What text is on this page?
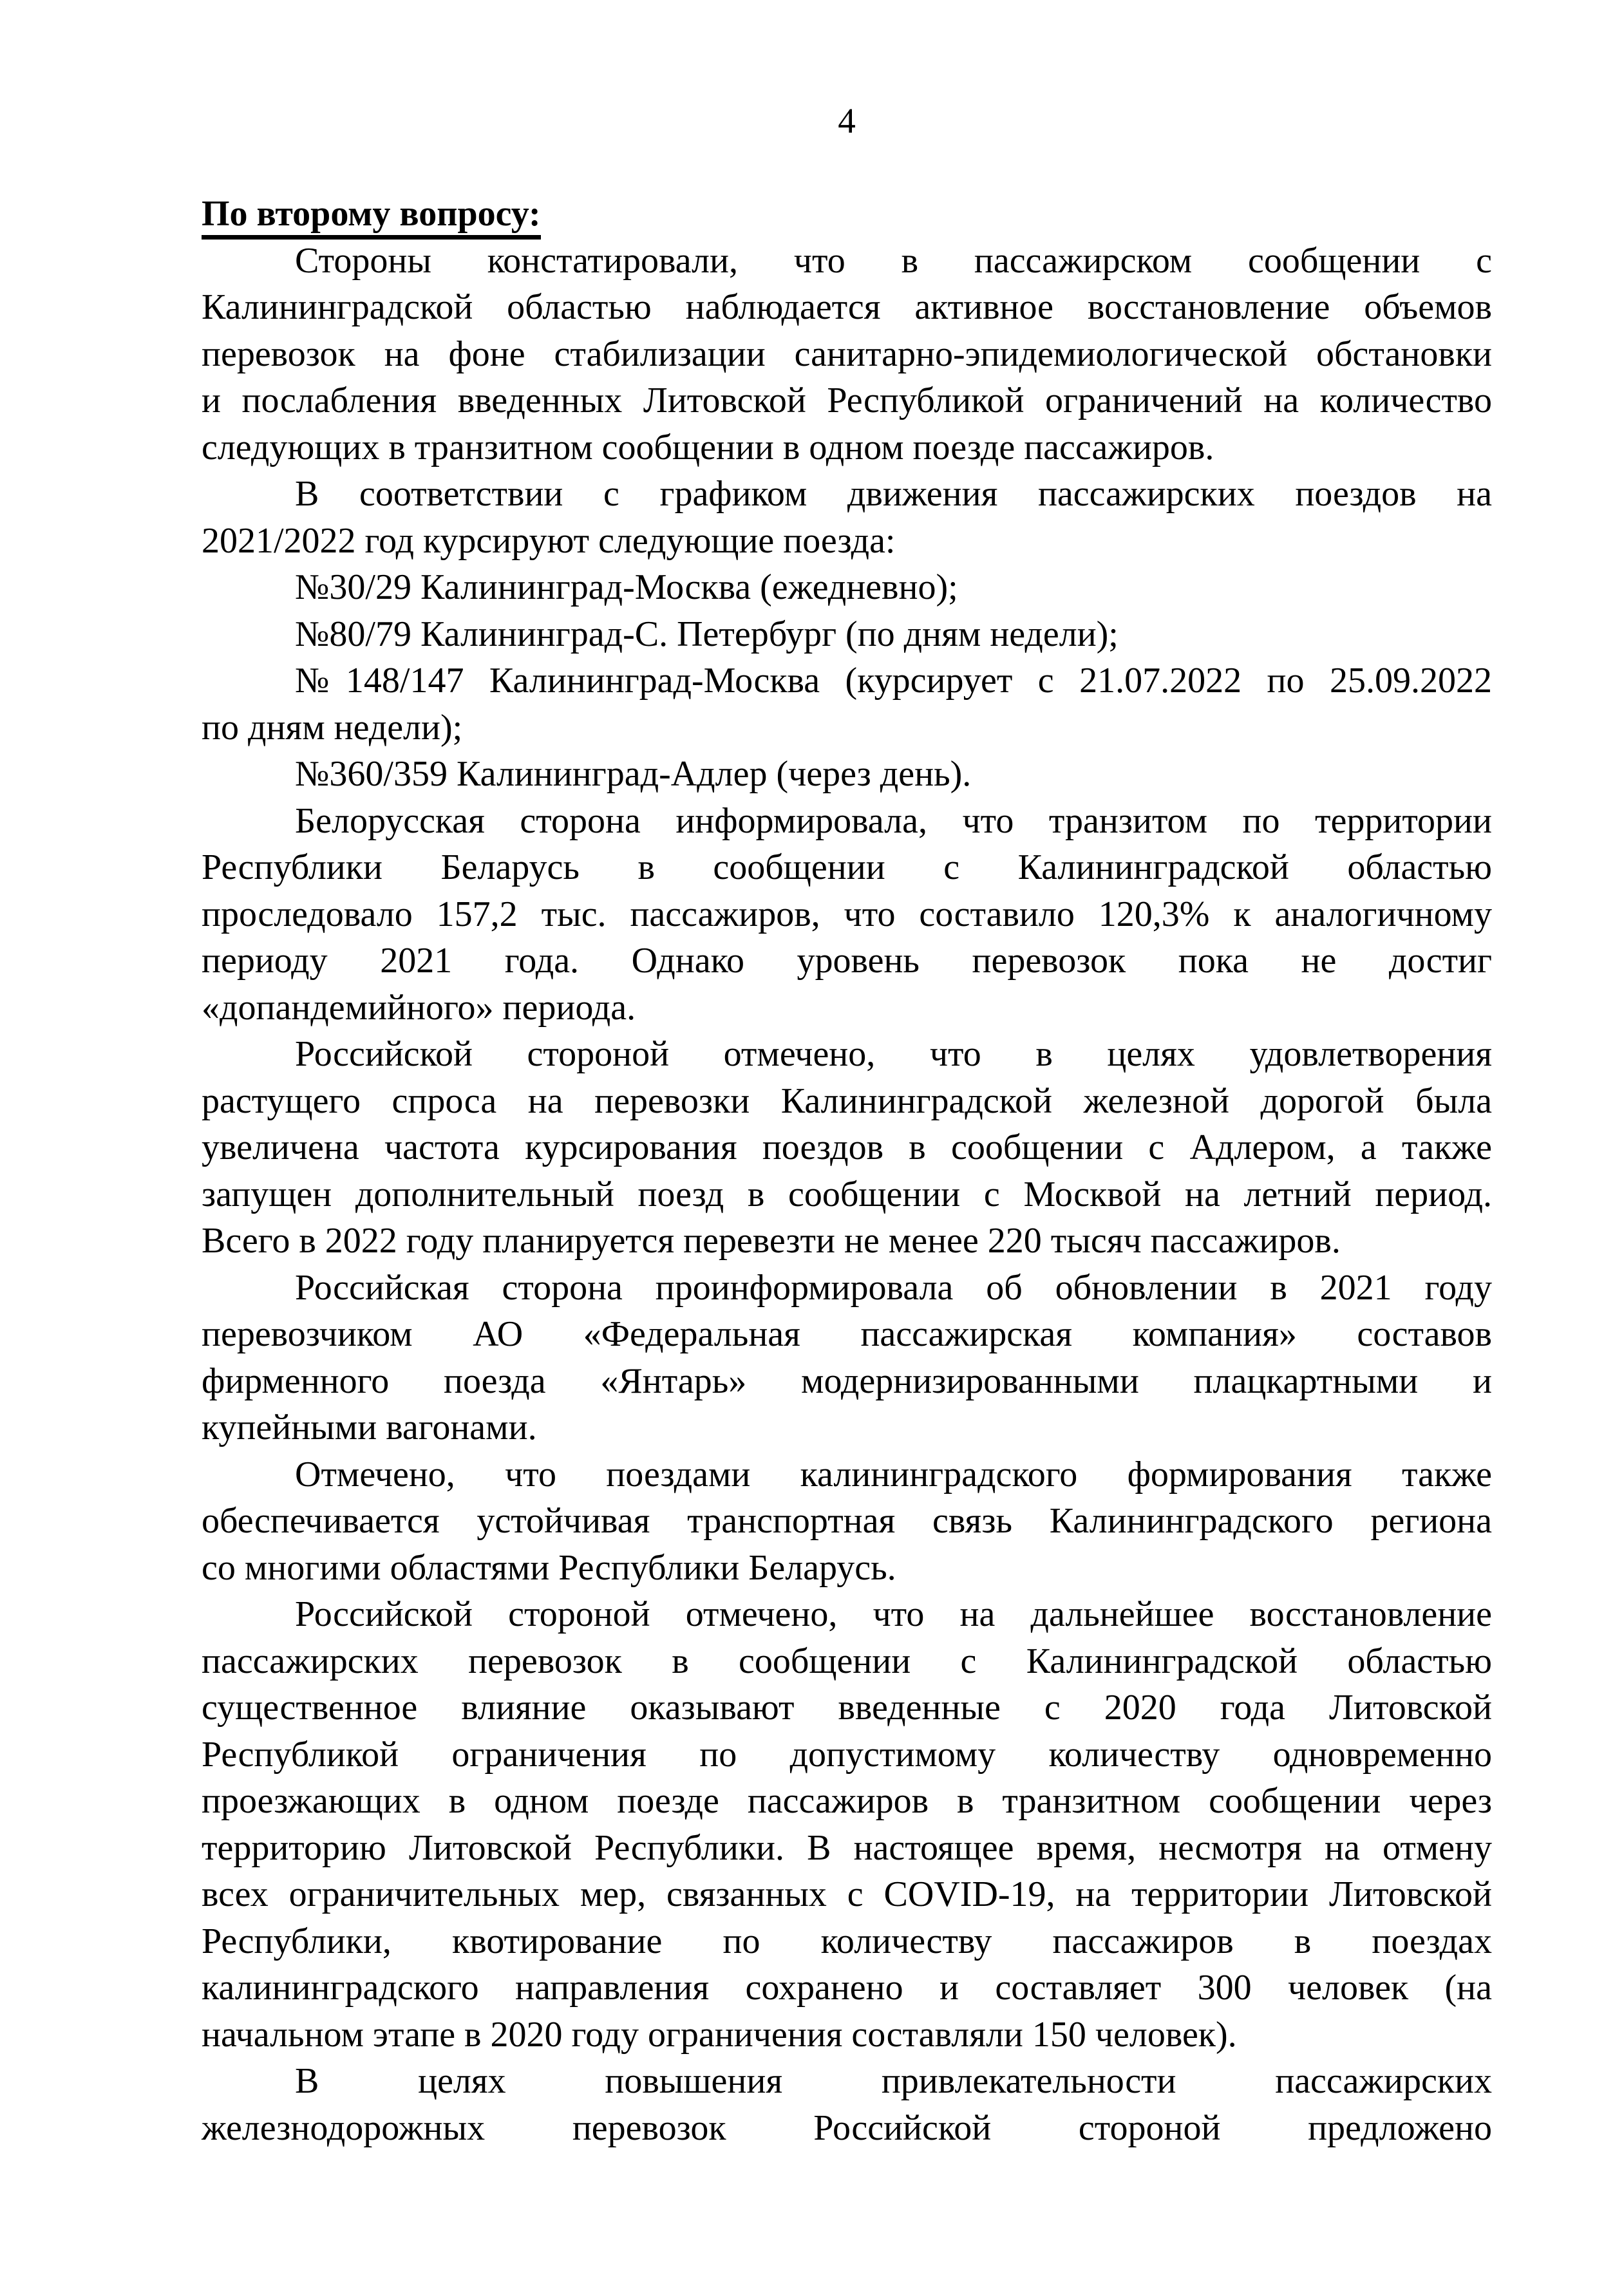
4
По второму вопросу:
Стороны констатировали, что в пассажирском сообщении с
Калининградской областью наблюдается активное восстановление объемов
перевозок на фоне стабилизации санитарно-эпидемиологической обстановки
и послабления введенных Литовской Республикой ограничений на количество
следующих в транзитном сообщении в одном поезде пассажиров.
В соответствии с графиком движения пассажирских поездов на
2021/2022 год курсируют следующие поезда:
№30/29 Калининград-Москва (ежедневно);
№80/79 Калининград-С. Петербург (по дням недели);
№148/147 Калининград-Москва (курсирует с 21.07.2022 по 25.09.2022
по дням недели);
№360/359 Калининград-Адлер (через день).
Белорусская сторона информировала, что транзитом по территории
Республики Беларусь в сообщении с Калининградской областью
проследовало 157,2 тыс. пассажиров, что составило 120,3% к аналогичному
периоду 2021 года. Однако уровень перевозок пока не достиг
«допандемийного» периода.
Российской стороной отмечено, что в целях удовлетворения
растущего спроса на перевозки Калининградской железной дорогой была
увеличена частота курсирования поездов в сообщении с Адлером, а также
запущен дополнительный поезд в сообщении с Москвой на летний период.
Всего в 2022 году планируется перевезти не менее 220 тысяч пассажиров.
Российская сторона проинформировала об обновлении в 2021 году
перевозчиком АО «Федеральная пассажирская компания» составов
фирменного поезда «Янтарь» модернизированными плацкартными и
купейными вагонами.
Отмечено, что поездами калининградского формирования также
обеспечивается устойчивая транспортная связь Калининградского региона
со многими областями Республики Беларусь.
Российской стороной отмечено, что на дальнейшее восстановление
пассажирских перевозок в сообщении с Калининградской областью
существенное влияние оказывают введенные с 2020 года Литовской
Республикой ограничения по допустимому количеству одновременно
проезжающих в одном поезде пассажиров в транзитном сообщении через
территорию Литовской Республики. В настоящее время, несмотря на отмену
всех ограничительных мер, связанных с COVID-19, на территории Литовской
Республики, квотирование по количеству пассажиров в поездах
калининградского направления сохранено и составляет 300 человек (на
начальном этапе в 2020 году ограничения составляли 150 человек).
В целях повышения привлекательности пассажирских
железнодорожных перевозок Российской стороной предложено
